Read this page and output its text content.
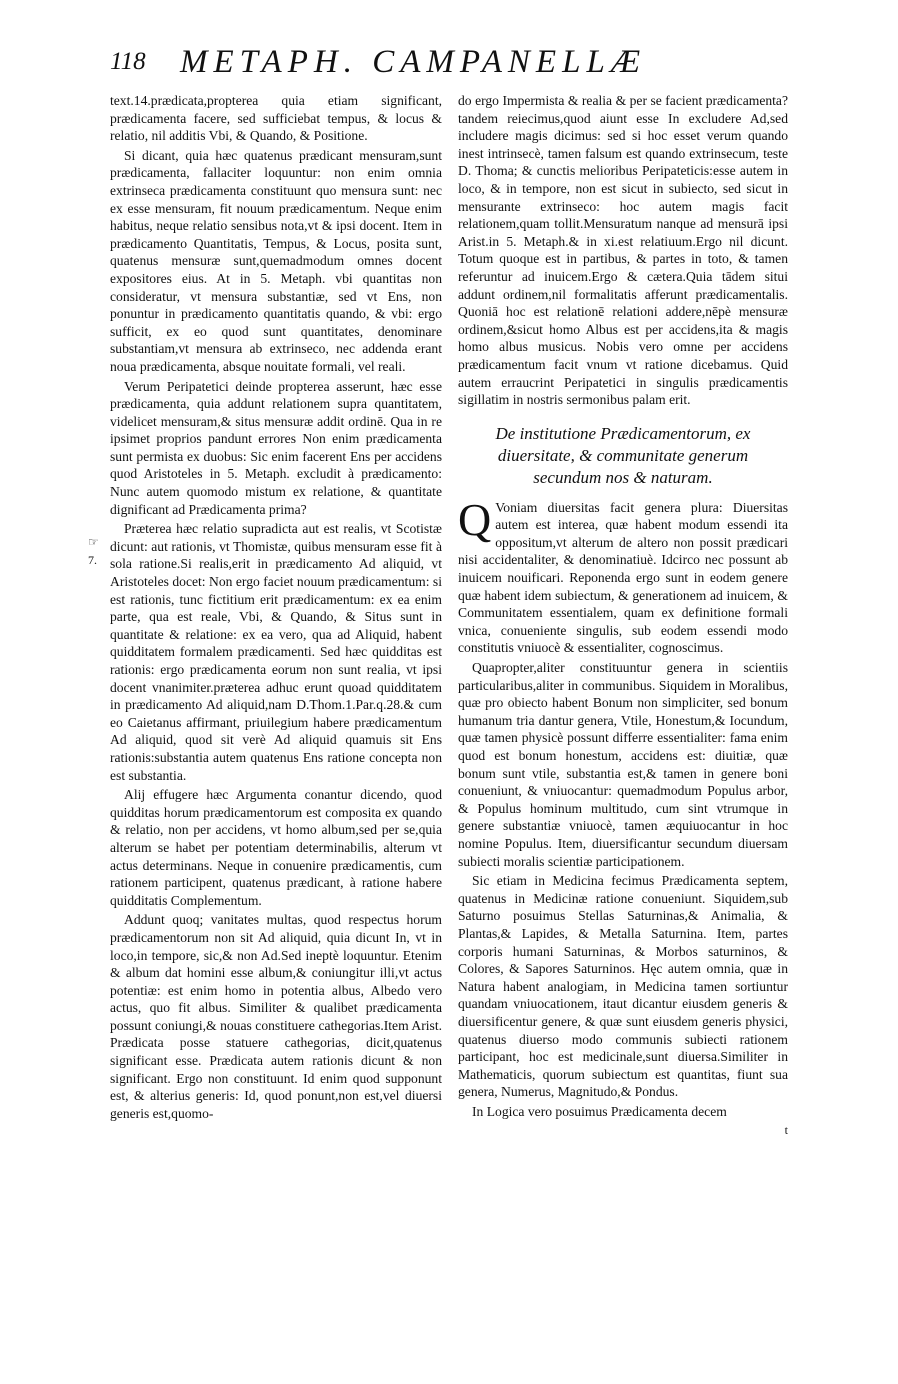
118 METAPH. CAMPANELLÆ

text.14.prædicata,propterea quia etiam significant, prædicamenta facere, sed sufficiebat tempus, & locus & relatio, nil additis Vbi, & Quando, & Positione.

Si dicant, quia hæc quatenus prædicant mensuram,sunt prædicamenta, fallaciter loquuntur: non enim omnia extrinseca prædicamenta constituunt quo mensura sunt: nec ex esse mensuram, fit nouum prædicamentum. Neque enim habitus, neque relatio sensibus nota,vt & ipsi docent. Item in prædicamento Quantitatis, Tempus, & Locus, posita sunt, quatenus mensuræ sunt,quemadmodum omnes docent expositores eius. At in 5. Metaph. vbi quantitas non consideratur, vt mensura substantiæ, sed vt Ens, non ponuntur in prædicamento quantitatis quando, & vbi: ergo sufficit, ex eo quod sunt quantitates, denominare substantiam,vt mensura ab extrinseco, nec addenda erant noua prædicamenta, absque nouitate formali, vel reali.

Verum Peripatetici deinde propterea asserunt, hæc esse prædicamenta, quia addunt relationem supra quantitatem, videlicet mensuram,& situs mensuræ addit ordinē. Qua in re ipsimet proprios pandunt errores Non enim prædicamenta sunt permista ex duobus: Sic enim facerent Ens per accidens quod Aristoteles in 5. Metaph. excludit à prædicamento: Nunc autem quomodo mistum ex relatione, & quantitate dignificant ad Prædicamenta prima?

☞
7.

Præterea hæc relatio supradicta aut est realis, vt Scotistæ dicunt: aut rationis, vt Thomistæ, quibus mensuram esse fit à sola ratione.Si realis,erit in prædicamento Ad aliquid, vt Aristoteles docet: Non ergo faciet nouum prædicamentum: si est rationis, tunc fictitium erit prædicamentum: ex ea enim parte, qua est reale, Vbi, & Quando, & Situs sunt in quantitate & relatione: ex ea vero, qua ad Aliquid, habent quidditatem formalem prædicamenti. Sed hæc quidditas est rationis: ergo prædicamenta eorum non sunt realia, vt ipsi docent vnanimiter.præterea adhuc erunt quoad quidditatem in prædicamento Ad aliquid,nam D.Thom.1.Par.q.28.& cum eo Caietanus affirmant, priuilegium habere prædicamentum Ad aliquid, quod sit verè Ad aliquid quamuis sit Ens rationis:substantia autem quatenus Ens ratione concepta non est substantia.

Alij effugere hæc Argumenta conantur dicendo, quod quidditas horum prædicamentorum est composita ex quando & relatio, non per accidens, vt homo album,sed per se,quia alterum se habet per potentiam determinabilis, alterum vt actus determinans. Neque in conuenire prædicamentis, cum rationem participent, quatenus prædicant, à ratione habere quidditatis Complementum.

Addunt quoq; vanitates multas, quod respectus horum prædicamentorum non sit Ad aliquid, quia dicunt In, vt in loco,in tempore, sic,& non Ad.Sed ineptè loquuntur. Etenim & album dat homini esse album,& coniungitur illi,vt actus potentiæ: est enim homo in potentia albus, Albedo vero actus, quo fit albus. Similiter & qualibet prædicamenta possunt coniungi,& nouas constituere cathegorias.Item Arist. Prædicata posse statuere cathegorias, dicit,quatenus significant esse. Prædicata autem rationis dicunt & non significant. Ergo non constituunt. Id enim quod supponunt est, & alterius generis: Id, quod ponunt,non est,vel diuersi generis est,quomo-

do ergo Impermista & realia & per se facient prædicamenta?tandem reiecimus,quod aiunt esse In excludere Ad,sed includere magis dicimus: sed si hoc esset verum quando inest intrinsecè, tamen falsum est quando extrinsecum, teste D. Thoma; & cunctis melioribus Peripateticis:esse autem in loco, & in tempore, non est sicut in subiecto, sed sicut in mensurante extrinseco: hoc autem magis facit relationem,quam tollit.Mensuratum nanque ad mensurā ipsi Arist.in 5. Metaph.& in xi.est relatiuum.Ergo nil dicunt. Totum quoque est in partibus, & partes in toto, & tamen referuntur ad inuicem.Ergo & cætera.Quia tādem situi addunt ordinem,nil formalitatis afferunt prædicamentalis. Quoniā hoc est relationē relationi addere,nēpè mensuræ ordinem,&sicut homo Albus est per accidens,ita & magis homo albus musicus. Nobis vero omne per accidens prædicamentum facit vnum vt ratione dicebamus. Quid autem erraucrint Peripatetici in singulis prædicamentis sigillatim in nostris sermonibus palam erit.

De institutione Prædicamentorum, ex diuersitate, & communitate generum
secundum nos & naturam.

Q Voniam diuersitas facit genera plura: Diuersitas autem est interea, quæ habent modum essendi ita oppositum,vt alterum de altero non possit prædicari nisi accidentaliter, & denominatiuè. Idcirco nec possunt ab inuicem nouificari. Reponenda ergo sunt in eodem genere quæ habent idem subiectum, & generationem ad inuicem, & Communitatem essentialem, quam ex definitione formali vnica, conueniente singulis, sub eodem essendi modo constitutis vniuocè & essentialiter, cognoscimus.

Quapropter,aliter constituuntur genera in scientiis particularibus,aliter in communibus. Siquidem in Moralibus, quæ pro obiecto habent Bonum non simpliciter, sed bonum humanum tria dantur genera, Vtile, Honestum,& Iocundum, quæ tamen physicè possunt differre essentialiter: fama enim quod est bonum honestum, accidens est: diuitiæ, quæ bonum sunt vtile, substantia est,& tamen in genere boni conueniunt, & vniuocantur: quemadmodum Populus arbor, & Populus hominum multitudo, cum sint vtrumque in genere substantiæ vniuocè, tamen æquiuocantur in hoc nomine Populus. Item, diuersificantur secundum diuersam subiecti moralis scientiæ participationem.

Sic etiam in Medicina fecimus Prædicamenta septem, quatenus in Medicinæ ratione conueniunt. Siquidem,sub Saturno posuimus Stellas Saturninas,& Animalia, & Plantas,& Lapides, & Metalla Saturnina. Item, partes corporis humani Saturninas, & Morbos saturninos, & Colores, & Sapores Saturninos. Hęc autem omnia, quæ in Natura habent analogiam, in Medicina tamen sortiuntur quandam vniuocationem, itaut dicantur eiusdem generis & diuersificentur genere, & quæ sunt eiusdem generis physici, quatenus diuerso modo communis subiecti rationem participant, hoc est medicinale,sunt diuersa.Similiter in Mathematicis, quorum subiectum est quantitas, fiunt sua genera, Numerus, Magnitudo,& Pondus.

In Logica vero posuimus Prædicamenta decem

t
